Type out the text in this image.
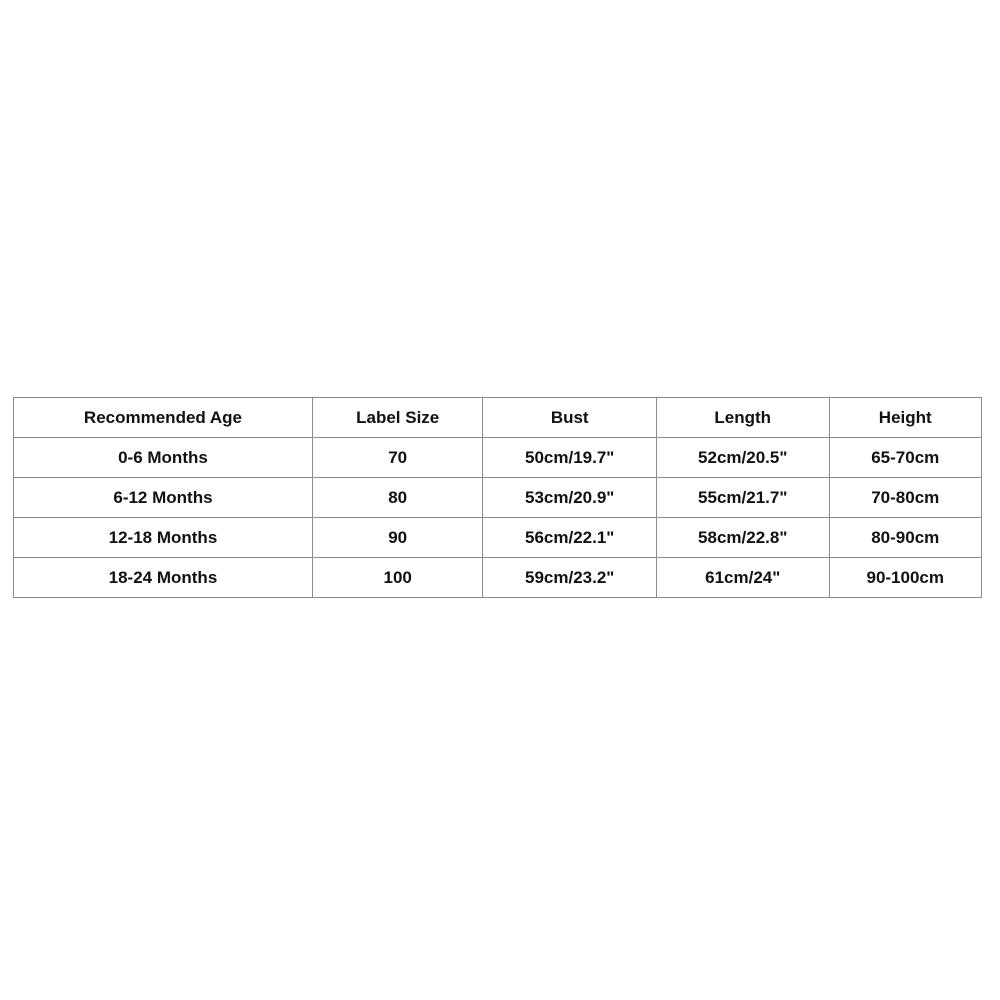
Recommended Age	Label Size	Bust	Length	Height
0-6 Months	70	50cm/19.7"	52cm/20.5"	65-70cm
6-12 Months	80	53cm/20.9"	55cm/21.7"	70-80cm
12-18 Months	90	56cm/22.1"	58cm/22.8"	80-90cm
18-24 Months	100	59cm/23.2"	61cm/24"	90-100cm
